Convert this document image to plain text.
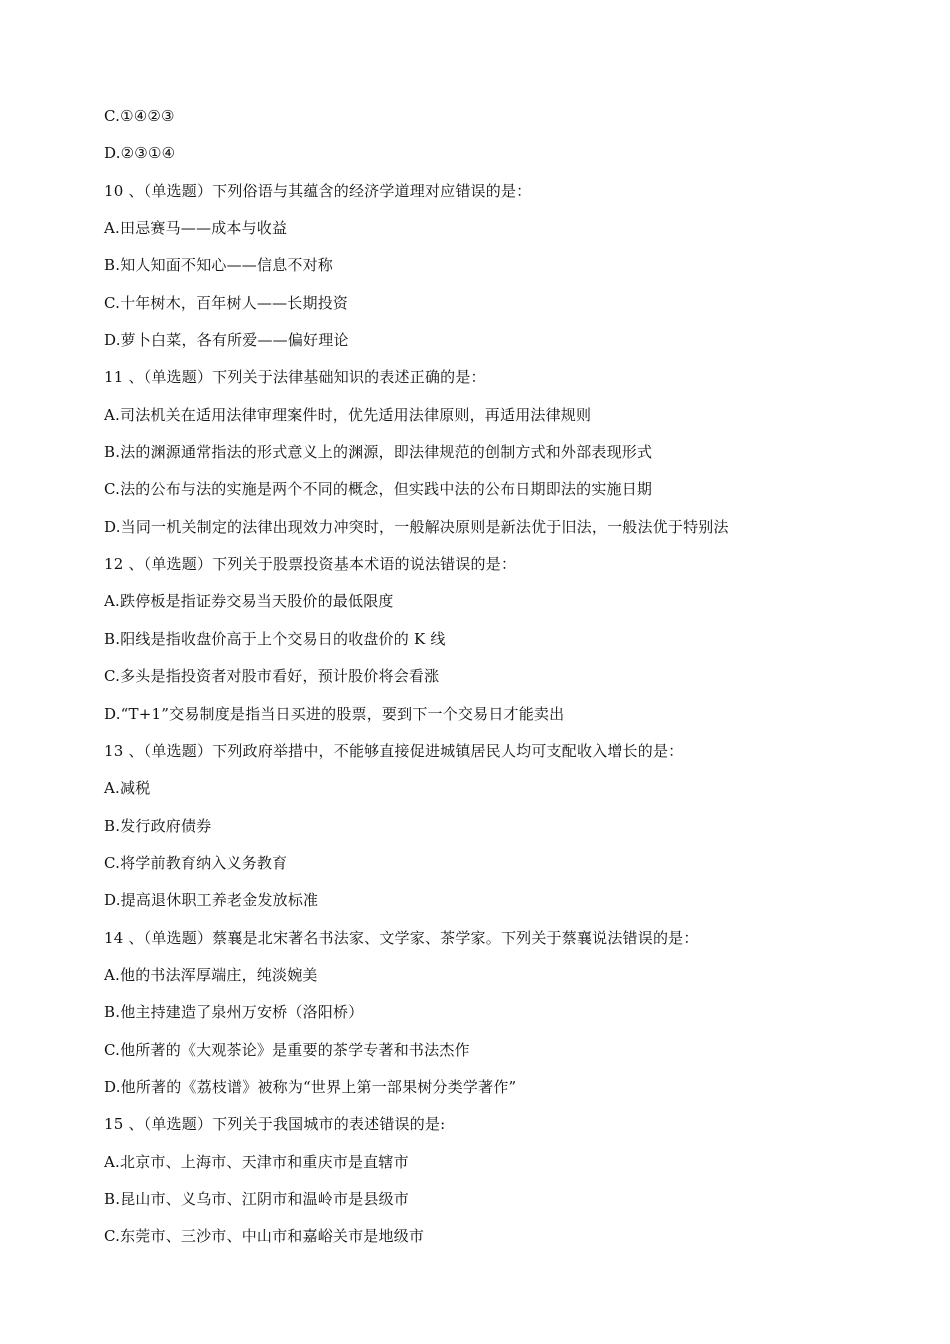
C.①④②③
D.②③①④
10 、（单选题）下列俗语与其蕴含的经济学道理对应错误的是：
A.田忌赛马——成本与收益
B.知人知面不知心——信息不对称
C.十年树木，百年树人——长期投资
D.萝卜白菜，各有所爱——偏好理论
11 、（单选题）下列关于法律基础知识的表述正确的是：
A.司法机关在适用法律审理案件时，优先适用法律原则，再适用法律规则
B.法的渊源通常指法的形式意义上的渊源，即法律规范的创制方式和外部表现形式
C.法的公布与法的实施是两个不同的概念，但实践中法的公布日期即法的实施日期
D.当同一机关制定的法律出现效力冲突时，一般解决原则是新法优于旧法，一般法优于特别法
12 、（单选题）下列关于股票投资基本术语的说法错误的是：
A.跌停板是指证券交易当天股价的最低限度
B.阳线是指收盘价高于上个交易日的收盘价的 K 线
C.多头是指投资者对股市看好，预计股价将会看涨
D.“T+1”交易制度是指当日买进的股票，要到下一个交易日才能卖出
13 、（单选题）下列政府举措中，不能够直接促进城镇居民人均可支配收入增长的是：
A.减税
B.发行政府债券
C.将学前教育纳入义务教育
D.提高退休职工养老金发放标准
14 、（单选题）蔡襄是北宋著名书法家、文学家、茶学家。下列关于蔡襄说法错误的是：
A.他的书法浑厚端庄，纯淡婉美
B.他主持建造了泉州万安桥（洛阳桥）
C.他所著的《大观茶论》是重要的茶学专著和书法杰作
D.他所著的《荔枝谱》被称为“世界上第一部果树分类学著作”
15 、（单选题）下列关于我国城市的表述错误的是:
A.北京市、上海市、天津市和重庆市是直辖市
B.昆山市、义乌市、江阴市和温岭市是县级市
C.东莞市、三沙市、中山市和嘉峪关市是地级市
